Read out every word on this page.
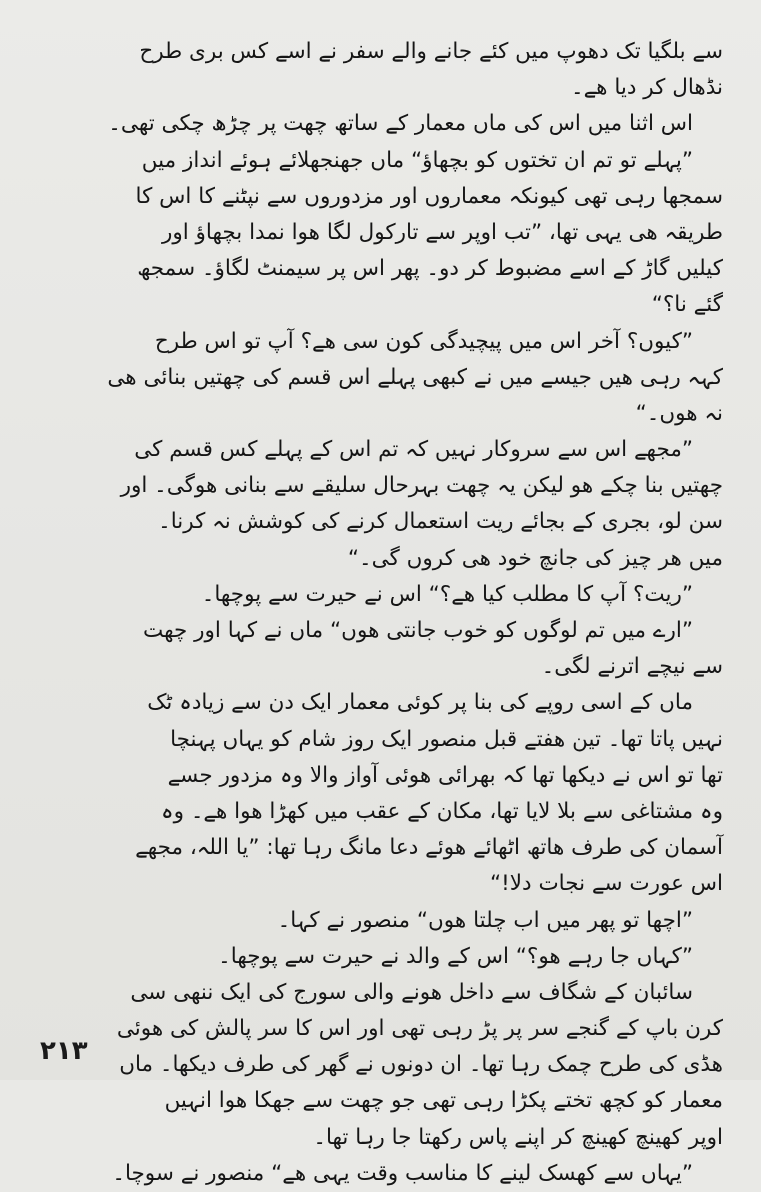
سے بلگیا تک دھوپ میں کئے جانے والے سفر نے اسے کس بری طرح
نڈھال کر دیا ھے۔
اس اثنا میں اس کی ماں معمار کے ساتھ چھت پر چڑھ چکی تھی۔
”پہلے تو تم ان تختوں کو بچھاؤ“ ماں جھنجھلائے ہوئے انداز میں
سمجھا رہی تھی کیونکہ معماروں اور مزدوروں سے نپٹنے کا اس کا
طریقہ ھی یہی تھا، ”تب اوپر سے تارکول لگا ھوا نمدا بچھاؤ اور
کیلیں گاڑ کے اسے مضبوط کر دو۔ پھر اس پر سیمنٹ لگاؤ۔ سمجھ
گئے نا؟“
”کیوں؟ آخر اس میں پیچیدگی کون سی ھے؟ آپ تو اس طرح
کہہ رہی ھیں جیسے میں نے کبھی پہلے اس قسم کی چھتیں بنائی ھی
نہ ھوں۔“
”مجھے اس سے سروکار نہیں کہ تم اس کے پہلے کس قسم کی
چھتیں بنا چکے ھو لیکن یہ چھت بہرحال سلیقے سے بنانی ھوگی۔ اور
سن لو، بجری کے بجائے ریت استعمال کرنے کی کوشش نہ کرنا۔
میں ھر چیز کی جانچ خود ھی کروں گی۔“
”ریت؟ آپ کا مطلب کیا ھے؟“ اس نے حیرت سے پوچھا۔
”ارے میں تم لوگوں کو خوب جانتی ھوں“ ماں نے کہا اور چھت
سے نیچے اترنے لگی۔
ماں کے اسی روپے کی بنا پر کوئی معمار ایک دن سے زیادہ ٹک
نہیں پاتا تھا۔ تین ھفتے قبل منصور ایک روز شام کو یہاں پہنچا
تھا تو اس نے دیکھا تھا کہ بھرائی ھوئی آواز والا وہ مزدور جسے
وہ مشتاغی سے بلا لایا تھا، مکان کے عقب میں کھڑا ھوا ھے۔ وہ
آسمان کی طرف ھاتھ اٹھائے ھوئے دعا مانگ رہا تھا: ”یا اللہ، مجھے
اس عورت سے نجات دلا!“
”اچھا تو پھر میں اب چلتا ھوں“ منصور نے کہا۔
”کہاں جا رہے ھو؟“ اس کے والد نے حیرت سے پوچھا۔
سائبان کے شگاف سے داخل ھونے والی سورج کی ایک ننھی سی
کرن باپ کے گنجے سر پر پڑ رہی تھی اور اس کا سر پالش کی ھوئی
ھڈی کی طرح چمک رہا تھا۔ ان دونوں نے گھر کی طرف دیکھا۔ ماں
معمار کو کچھ تختے پکڑا رہی تھی جو چھت سے جھکا ھوا انہیں
اوپر کھینچ کھینچ کر اپنے پاس رکھتا جا رہا تھا۔
”یہاں سے کھسک لینے کا مناسب وقت یہی ھے“ منصور نے سوچا۔
٢١٣
